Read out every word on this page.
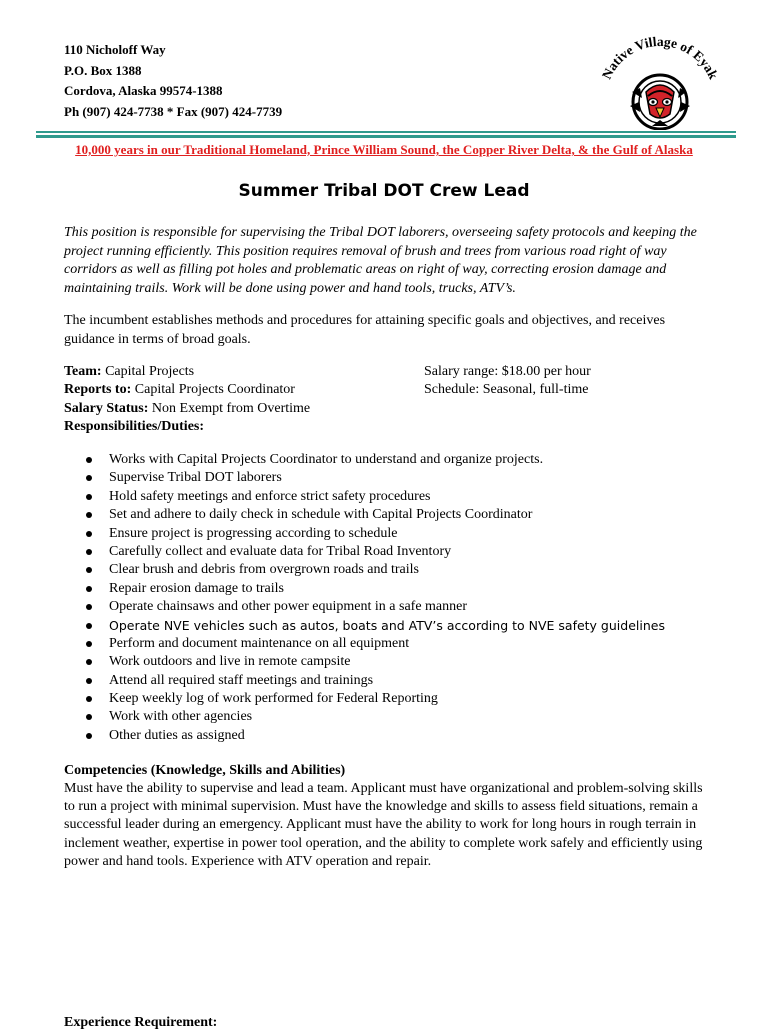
110 Nicholoff Way
P.O. Box 1388
Cordova, Alaska 99574-1388
Ph (907) 424-7738 * Fax (907) 424-7739
Native Village of Eyak
10,000 years in our Traditional Homeland, Prince William Sound, the Copper River Delta, & the Gulf of Alaska
Summer Tribal DOT Crew Lead
This position is responsible for supervising the Tribal DOT laborers, overseeing safety protocols and keeping the project running efficiently. This position requires removal of brush and trees from various road right of way corridors as well as filling pot holes and problematic areas on right of way, correcting erosion damage and maintaining trails. Work will be done using power and hand tools, trucks, ATV’s.
The incumbent establishes methods and procedures for attaining specific goals and objectives, and receives guidance in terms of broad goals.
Team: Capital Projects	Salary range: $18.00 per hour
Reports to: Capital Projects Coordinator	Schedule: Seasonal, full-time
Salary Status: Non Exempt from Overtime
Responsibilities/Duties:
Works with Capital Projects Coordinator to understand and organize projects.
Supervise Tribal DOT laborers
Hold safety meetings and enforce strict safety procedures
Set and adhere to daily check in schedule with Capital Projects Coordinator
Ensure project is progressing according to schedule
Carefully collect and evaluate data for Tribal Road Inventory
Clear brush and debris from overgrown roads and trails
Repair erosion damage to trails
Operate chainsaws and other power equipment in a safe manner
Operate NVE vehicles such as autos, boats and ATV’s according to NVE safety guidelines
Perform and document maintenance on all equipment
Work outdoors and live in remote campsite
Attend all required staff meetings and trainings
Keep weekly log of work performed for Federal Reporting
Work with other agencies
Other duties as assigned
Competencies (Knowledge, Skills and Abilities)
Must have the ability to supervise and lead a team. Applicant must have organizational and problem-solving skills to run a project with minimal supervision. Must have the knowledge and skills to assess field situations, remain a successful leader during an emergency. Applicant must have the ability to work for long hours in rough terrain in inclement weather, expertise in power tool operation, and the ability to complete work safely and efficiently using power and hand tools. Experience with ATV operation and repair.
Experience Requirement:
